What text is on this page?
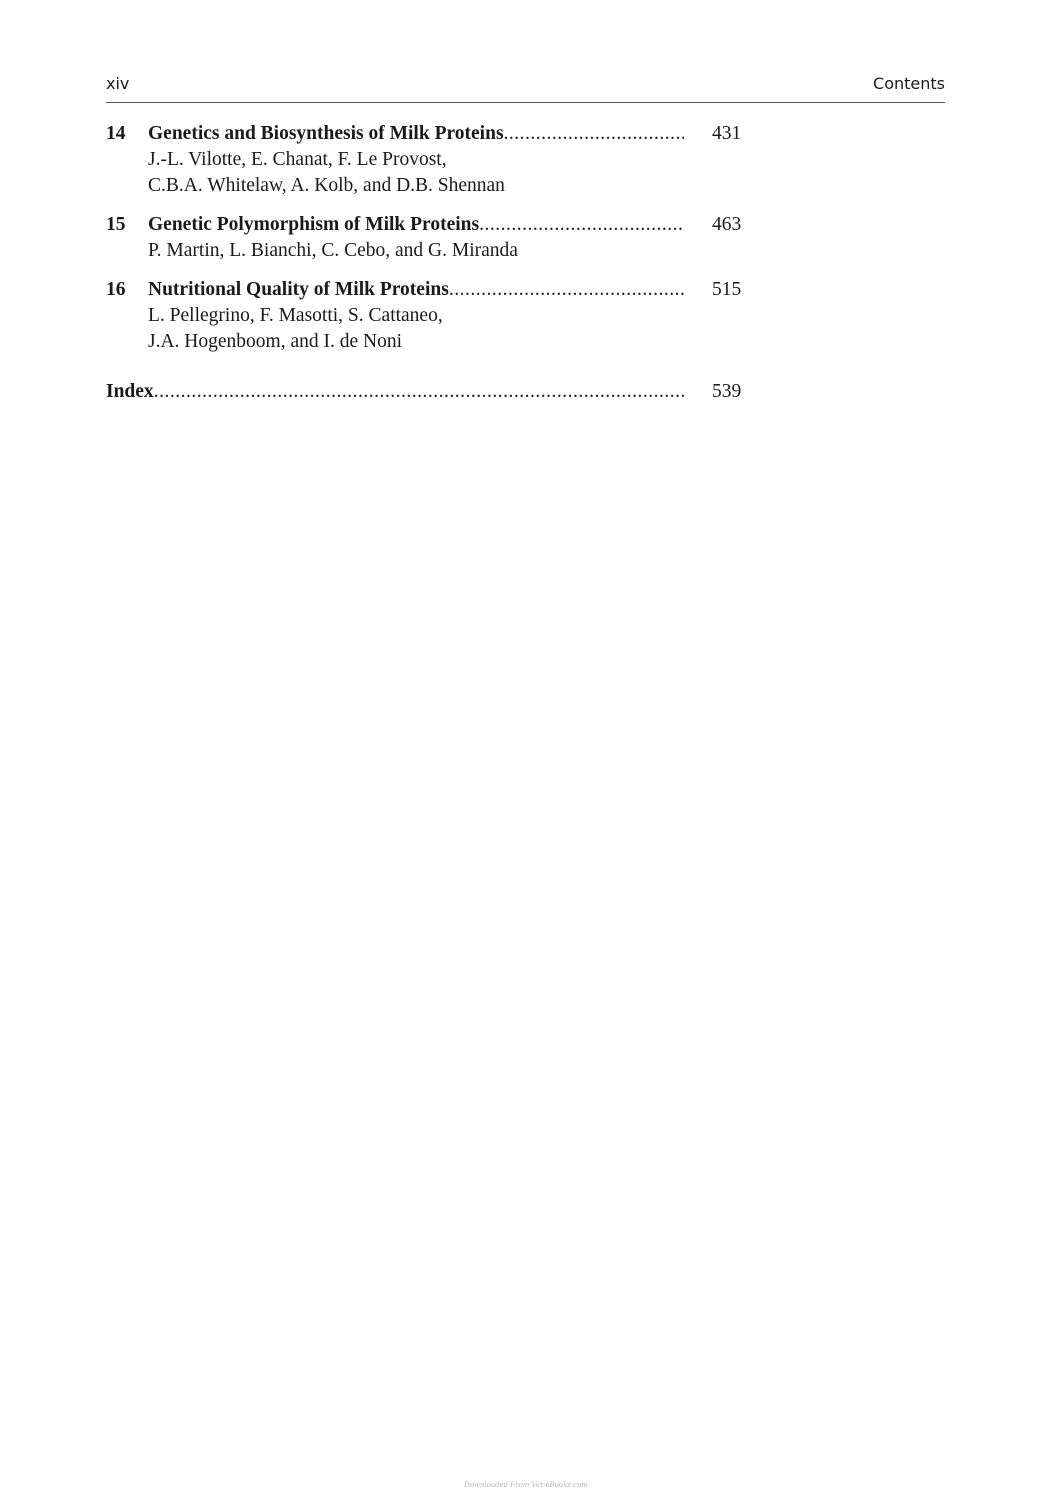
xiv	Contents
14	Genetics and Biosynthesis of Milk Proteins
.....
J.-L. Vilotte, E. Chanat, F. Le Provost,
C.B.A. Whitelaw, A. Kolb, and D.B. Shennan
431
15	Genetic Polymorphism of Milk Proteins
.....
P. Martin, L. Bianchi, C. Cebo, and G. Miranda
463
16	Nutritional Quality of Milk Proteins
.....
L. Pellegrino, F. Masotti, S. Cattaneo,
J.A. Hogenboom, and I. de Noni
515
Index
.....	539
Downloaded From Vet-eBooks.com
